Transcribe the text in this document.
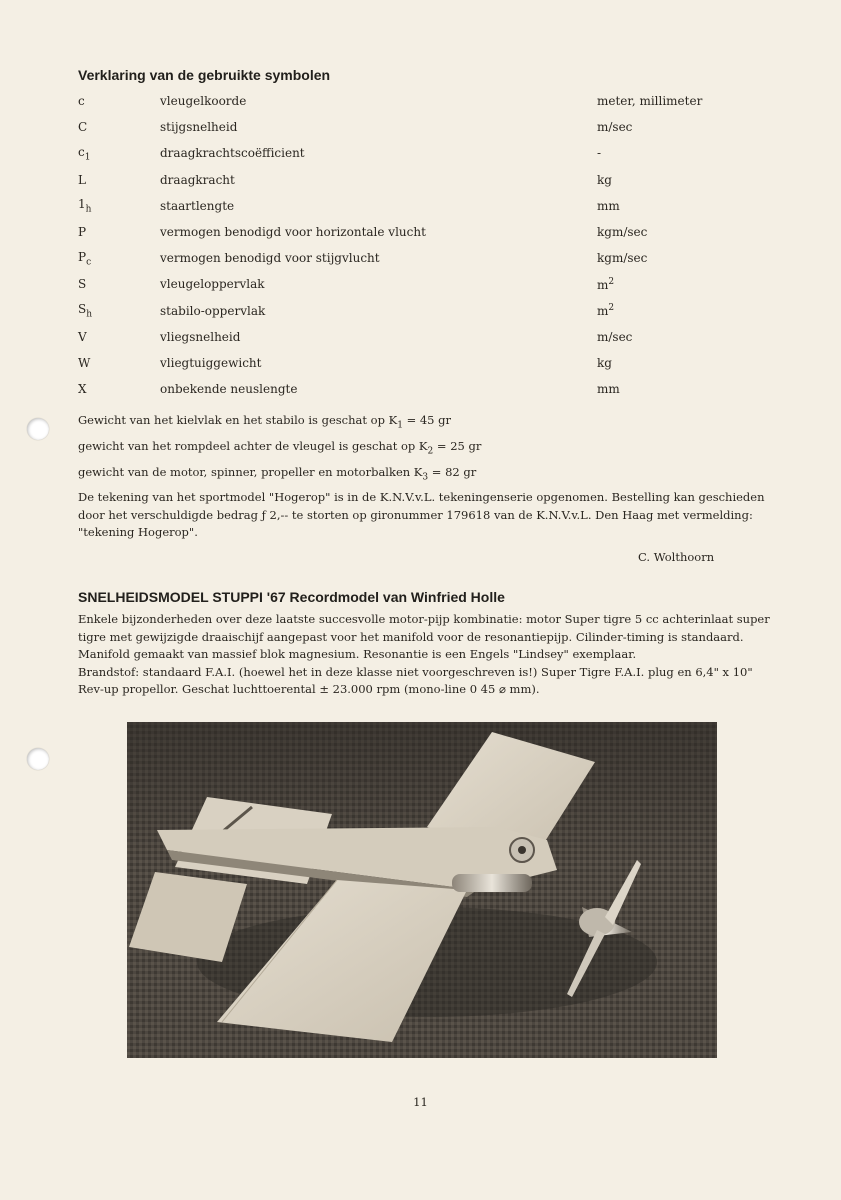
Verklaring van de gebruikte symbolen
c	vleugelkoorde	meter, millimeter
C	stijgsnelheid	m/sec
$c_1$	draagkrachtscoëfficient	-
L	draagkracht	kg
$1_h$	staartlengte	mm
P	vermogen benodigd voor horizontale vlucht	kgm/sec
$P_c$	vermogen benodigd voor stijgvlucht	kgm/sec
S	vleugeloppervlak	$m^2$
$S_h$	stabilo-oppervlak	$m^2$
V	vliegsnelheid	m/sec
W	vliegtuiggewicht	kg
X	onbekende neuslengte	mm
Gewicht van het kielvlak en het stabilo is geschat op $K_1 = 45$ gr
gewicht van het rompdeel achter de vleugel is geschat op $K_2 = 25$ gr
gewicht van de motor, spinner, propeller en motorbalken $K_3 = 82$ gr
De tekening van het sportmodel "Hogerop" is in de K.N.V.v.L. tekeningenserie opgenomen. Bestelling kan geschieden door het verschuldigde bedrag ƒ 2,-- te storten op gironummer 179618 van de K.N.V.v.L. Den Haag met vermelding: "tekening Hogerop".
C. Wolthoorn
SNELHEIDSMODEL STUPPI '67 Recordmodel van Winfried Holle
Enkele bijzonderheden over deze laatste succesvolle motor-pijp kombinatie: motor Super tigre 5 cc achterinlaat super tigre met gewijzigde draaischijf aangepast voor het manifold voor de resonantiepijp. Cilinder-timing is standaard. Manifold gemaakt van massief blok magnesium. Resonantie is een Engels "Lindsey" exemplaar.
Brandstof: standaard F.A.I. (hoewel het in deze klasse niet voorgeschreven is!) Super Tigre F.A.I. plug en 6,4" x 10" Rev-up propellor. Geschat luchttoerental ± 23.000 rpm (mono-line 0 45 ⌀ mm).
11
